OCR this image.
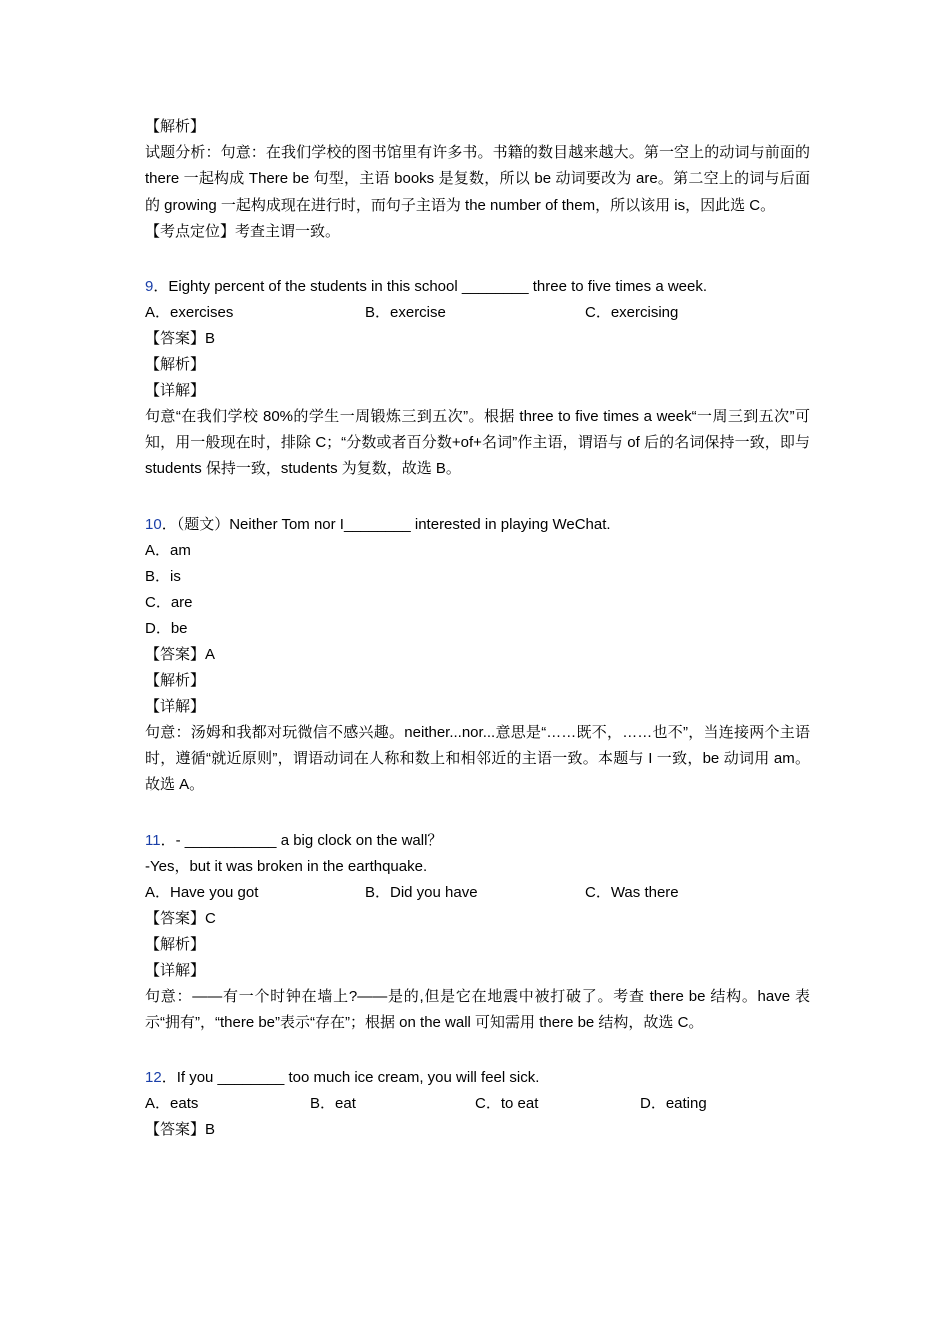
【解析】
试题分析：句意：在我们学校的图书馆里有许多书。书籍的数目越来越大。第一空上的动词与前面的 there 一起构成 There be 句型，主语 books 是复数，所以 be 动词要改为 are。第二空上的词与后面的 growing 一起构成现在进行时，而句子主语为 the number of them，所以该用 is，因此选 C。
【考点定位】考查主谓一致。
9．Eighty percent of the students in this school ________ three to five times a week.
A．exercises	B．exercise	C．exercising
【答案】B
【解析】
【详解】
句意“在我们学校 80%的学生一周锻炼三到五次”。根据 three to five times a week“一周三到五次”可知，用一般现在时，排除 C；“分数或者百分数+of+名词”作主语，谓语与 of 后的名词保持一致，即与 students 保持一致，students 为复数，故选 B。
10．（题文）Neither Tom nor I________ interested in playing WeChat.
A．am
B．is
C．are
D．be
【答案】A
【解析】
【详解】
句意：汤姆和我都对玩微信不感兴趣。neither...nor...意思是“……既不，……也不”，当连接两个主语时，遵循“就近原则”，谓语动词在人称和数上和相邻近的主语一致。本题与 I 一致，be 动词用 am。故选 A。
11．- ___________ a big clock on the wall？
-Yes，but it was broken in the earthquake.
A．Have you got	B．Did you have	C．Was there
【答案】C
【解析】
【详解】
句意：——有一个时钟在墙上?——是的,但是它在地震中被打破了。考查 there be 结构。have 表示“拥有”，“there be”表示“存在”；根据 on the wall 可知需用 there be 结构，故选 C。
12．If you ________ too much ice cream, you will feel sick.
A．eats	B．eat	C．to eat	D．eating
【答案】B
